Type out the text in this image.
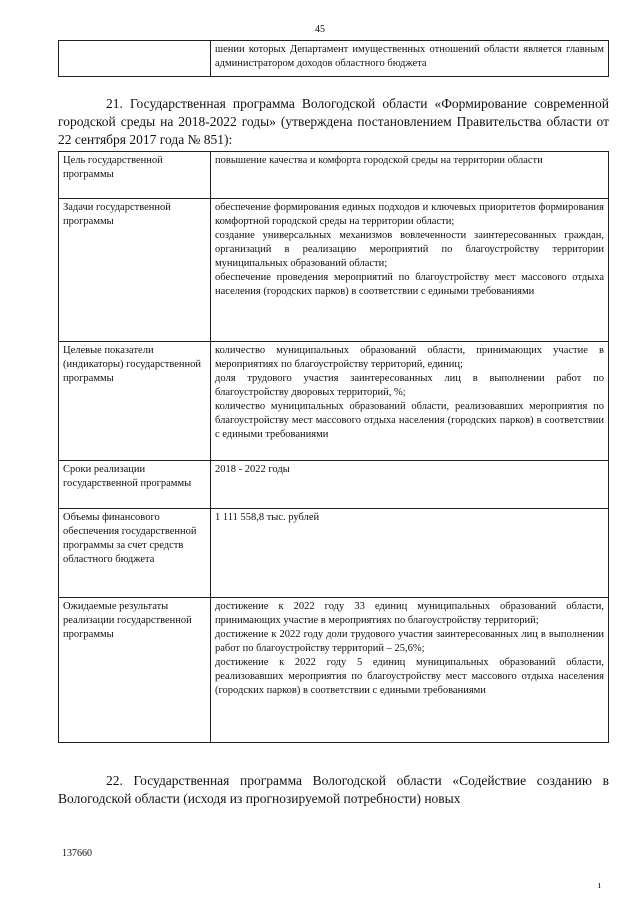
45
	шении которых Департамент имущественных отношений области является главным администратором доходов областного бюджета
21. Государственная программа Вологодской области «Формирование современной городской среды на 2018-2022 годы» (утверждена постановлением Правительства области от 22 сентября 2017 года № 851):
Цель государственной
программы	повышение качества и комфорта городской среды на территории области
Задачи государственной
программы	обеспечение формирования единых подходов и ключевых приоритетов формирования комфортной городской среды на территории области;
создание универсальных механизмов вовлеченности заинтересованных граждан, организаций в реализацию мероприятий по благоустройству территории муниципальных образований области;
обеспечение проведения мероприятий по благоустройству мест массового отдыха населения (городских парков) в соответствии с едиными требованиями
Целевые показатели (индикаторы) государственной программы	количество муниципальных образований области, принимающих участие в мероприятиях по благоустройству территорий, единиц;
доля трудового участия заинтересованных лиц в выполнении работ по благоустройству дворовых территорий, %;
количество муниципальных образований области, реализовавших мероприятия по благоустройству мест массового отдыха населения (городских парков) в соответствии с едиными требованиями
Сроки реализации государственной программы	2018 - 2022 годы
Объемы финансового обеспечения государственной программы за счет средств областного бюджета	1 111 558,8 тыс. рублей
Ожидаемые результаты реализации государственной программы	достижение к 2022 году 33 единиц муниципальных образований области, принимающих участие в мероприятиях по благоустройству территорий;
достижение к 2022 году доли трудового участия заинтересованных лиц в выполнении работ по благоустройству территорий – 25,6%;
достижение к 2022 году 5 единиц муниципальных образований области, реализовавших мероприятия по благоустройству мест массового отдыха населения (городских парков) в соответствии с едиными требованиями
22. Государственная программа Вологодской области «Содействие созданию в Вологодской области (исходя из прогнозируемой потребности) новых
137660
ı
